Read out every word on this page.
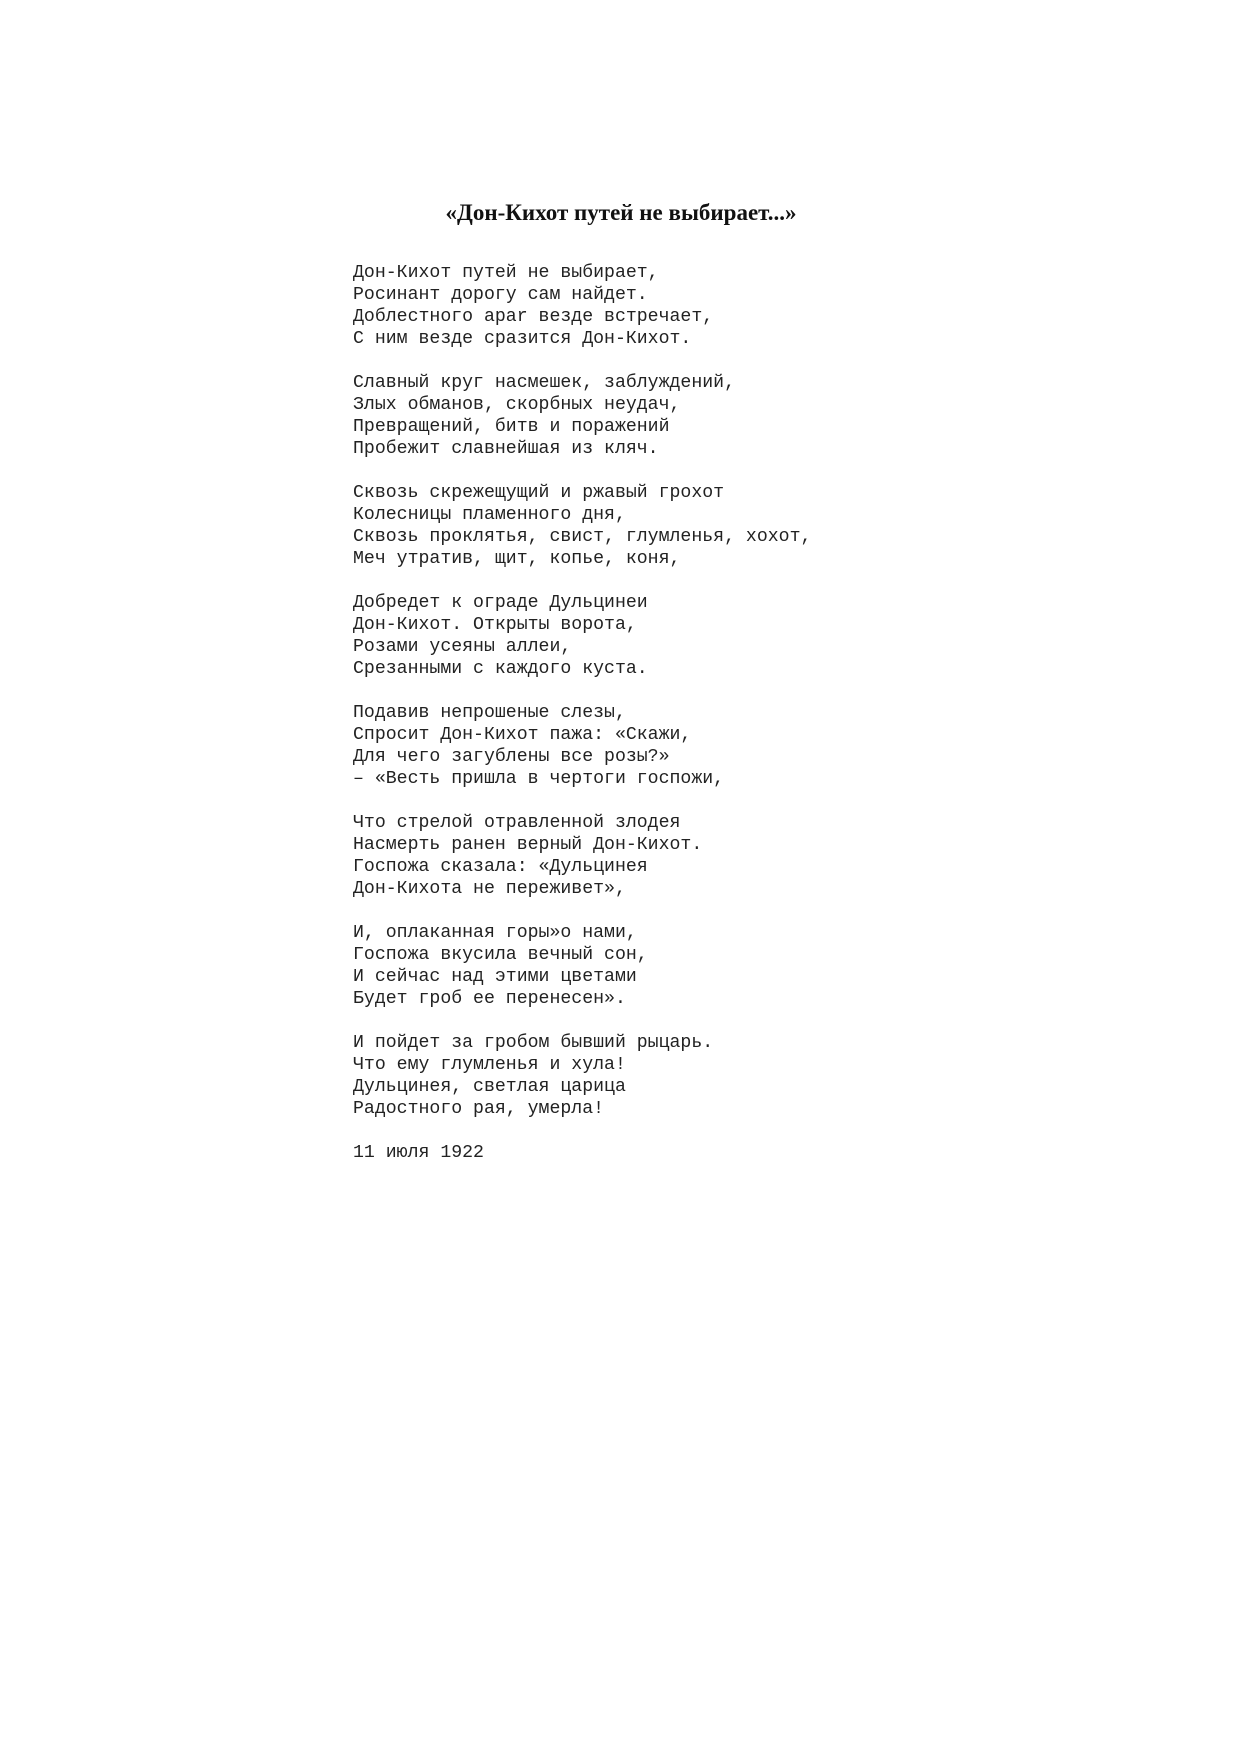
«Дон-Кихот путей не выбирает...»
Дон-Кихот путей не выбирает,
Росинант дорогу сам найдет.
Доблестного apar везде встречает,
С ним везде сразится Дон-Кихот.
Славный круг насмешек, заблуждений,
Злых обманов, скорбных неудач,
Превращений, битв и поражений
Пробежит славнейшая из кляч.
Сквозь скрежещущий и ржавый грохот
Колесницы пламенного дня,
Сквозь проклятья, свист, глумленья, хохот,
Меч утратив, щит, копье, коня,
Добредет к ограде Дульцинеи
Дон-Кихот. Открыты ворота,
Розами усеяны аллеи,
Срезанными с каждого куста.
Подавив непрошеные слезы,
Спросит Дон-Кихот пажа: «Скажи,
Для чего загублены все розы?»
– «Весть пришла в чертоги госпожи,
Что стрелой отравленной злодея
Насмерть ранен верный Дон-Кихот.
Госпожа сказала: «Дульцинея
Дон-Кихота не переживет»,
И, оплаканная горы»о нами,
Госпожа вкусила вечный сон,
И сейчас над этими цветами
Будет гроб ее перенесен».
И пойдет за гробом бывший рыцарь.
Что ему глумленья и хула!
Дульцинея, светлая царица
Радостного рая, умерла!
11 июля 1922
